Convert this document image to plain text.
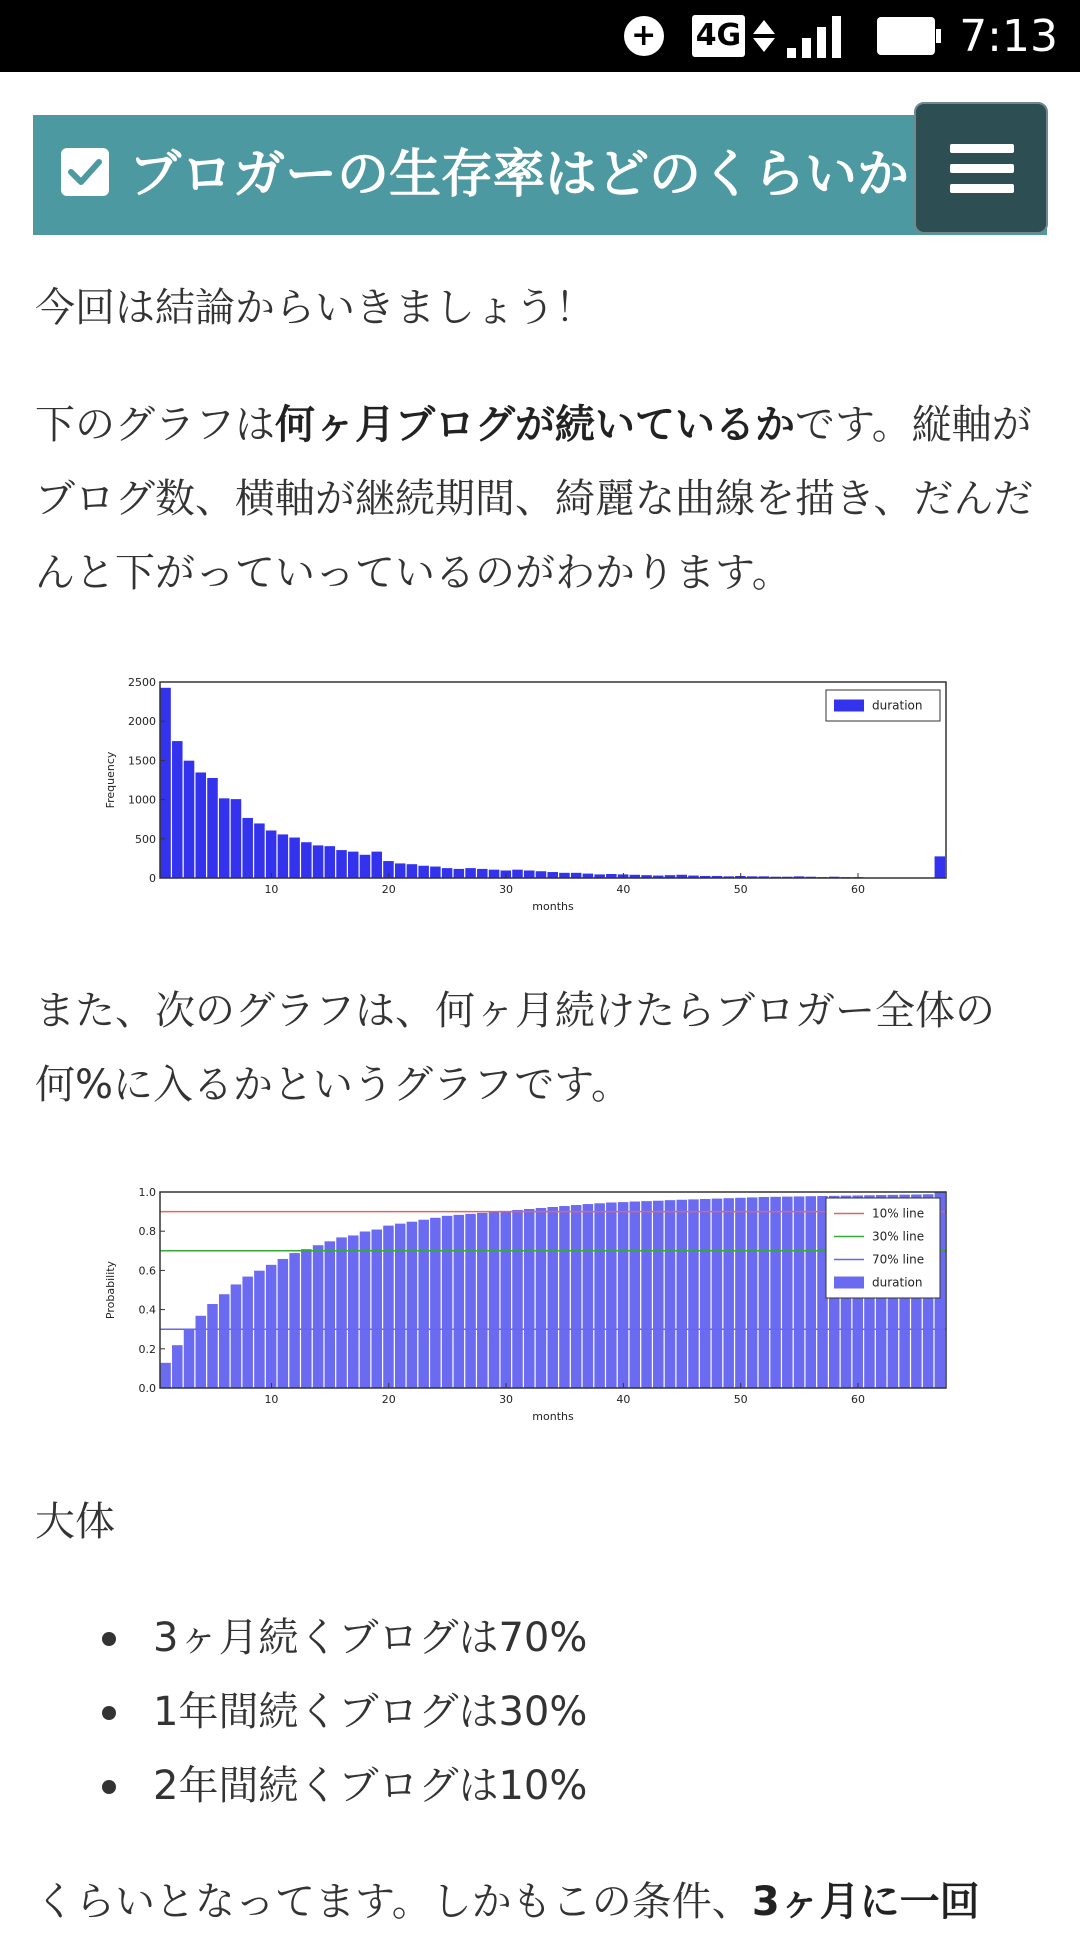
+
4G	7:13
ブロガーの生存率はどのくらいか

今回は結論からいきましょう！

下のグラフは何ヶ月ブログが続いているかです。縦軸がブログ数、横軸が継続期間、綺麗な曲線を描き、だんだんと下がっていっているのがわかります。

また、次のグラフは、何ヶ月続けたらブロガー全体の何%に入るかというグラフです。

大体

3ヶ月続くブログは70%
1年間続くブログは30%
2年間続くブログは10%

くらいとなってます。しかもこの条件、3ヶ月に一回

0
500
1000
1500
2000
2500
10	20	30	40	50	60
months
Frequency
duration
0.0
0.2
0.4
0.6
0.8
1.0
10	20	30	40	50	60
months
Probability
10% line
30% line
70% line
duration
